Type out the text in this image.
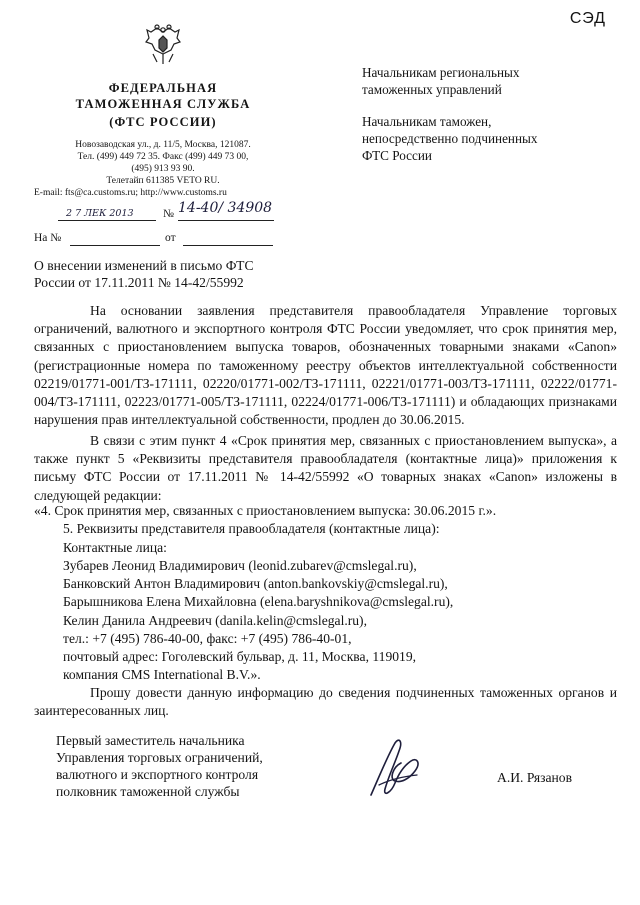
ФЕДЕРАЛЬНАЯ
ТАМОЖЕННАЯ СЛУЖБА
(ФТС РОССИИ)
Новозаводская ул., д. 11/5, Москва, 121087.
Тел. (499) 449 72 35. Факс (499) 449 73 00,
(495) 913 93 90.
Телетайп 611385 VETO RU.
E-mail: fts@ca.customs.ru; http://www.customs.ru
2 7 ЛЕК 2013	№ 14-40/ 34908
На №	от
СЭД
Начальникам региональных
таможенных управлений
Начальникам таможен,
непосредственно подчиненных
ФТС России
О внесении изменений в письмо ФТС
России от 17.11.2011 № 14-42/55992

На основании заявления представителя правообладателя Управление торговых ограничений, валютного и экспортного контроля ФТС России уведомляет, что срок принятия мер, связанных с приостановлением выпуска товаров, обозначенных товарными знаками «Canon» (регистрационные номера по таможенному реестру объектов интеллектуальной собственности 02219/01771-001/ТЗ-171111, 02220/01771-002/ТЗ-171111, 02221/01771-003/ТЗ-171111, 02222/01771-004/ТЗ-171111, 02223/01771-005/ТЗ-171111, 02224/01771-006/ТЗ-171111) и обладающих признаками нарушения прав интеллектуальной собственности, продлен до 30.06.2015.

В связи с этим пункт 4 «Срок принятия мер, связанных с приостановлением выпуска», а также пункт 5 «Реквизиты представителя правообладателя (контактные лица)» приложения к письму ФТС России от 17.11.2011 № 14-42/55992 «О товарных знаках «Canon» изложены в следующей редакции:

«4. Срок принятия мер, связанных с приостановлением выпуска: 30.06.2015 г.».
5. Реквизиты представителя правообладателя (контактные лица):
Контактные лица:
Зубарев Леонид Владимирович (leonid.zubarev@cmslegal.ru),
Банковский Антон Владимирович (anton.bankovskiy@cmslegal.ru),
Барышникова Елена Михайловна (elena.baryshnikova@cmslegal.ru),
Келин Данила Андреевич (danila.kelin@cmslegal.ru),
тел.: +7 (495) 786-40-00, факс: +7 (495) 786-40-01,
почтовый адрес: Гоголевский бульвар, д. 11, Москва, 119019,
компания CMS International B.V.».

Прошу довести данную информацию до сведения подчиненных таможенных органов и заинтересованных лиц.

Первый заместитель начальника
Управления торговых ограничений,
валютного и экспортного контроля
полковник таможенной службы
А.И. Рязанов
